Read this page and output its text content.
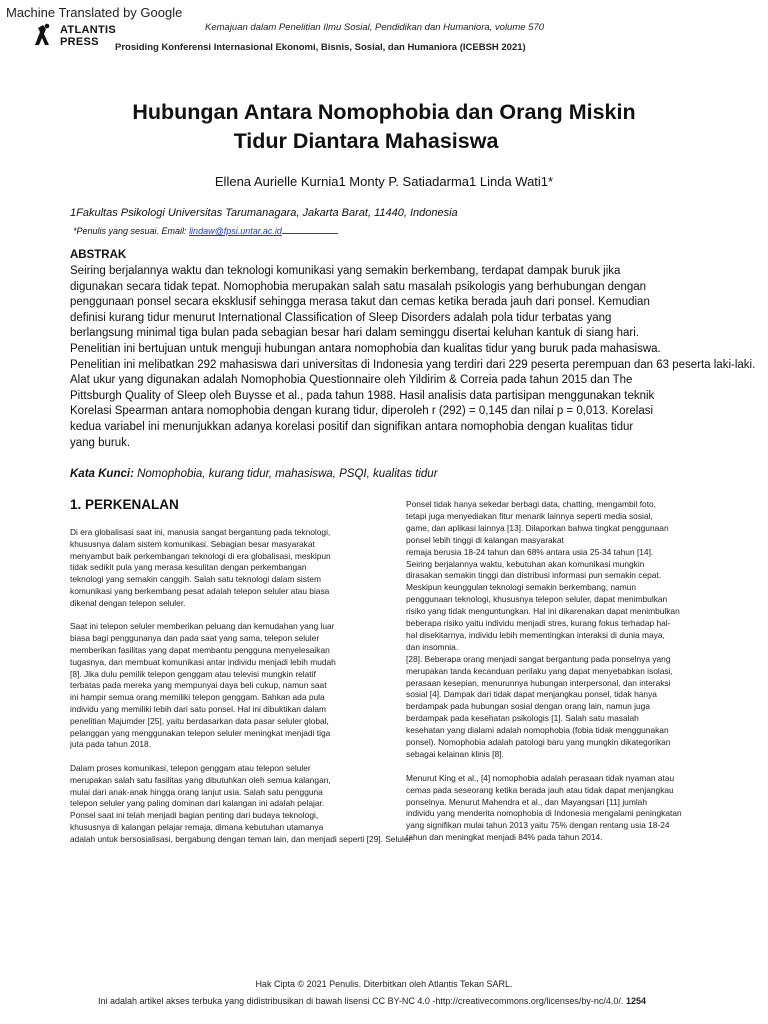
Machine Translated by Google
ATLANTIS
PRESS
Kemajuan dalam Penelitian Ilmu Sosial, Pendidikan dan Humaniora, volume 570
Prosiding Konferensi Internasional Ekonomi, Bisnis, Sosial, dan Humaniora (ICEBSH 2021)
Hubungan Antara Nomophobia dan Orang Miskin
Tidur Diantara Mahasiswa
Ellena Aurielle Kurnia1 Monty P. Satiadarma1 Linda Wati1*
1Fakultas Psikologi Universitas Tarumanagara, Jakarta Barat, 11440, Indonesia
*Penulis yang sesuai. Email: lindaw@fpsi.untar.ac.id
ABSTRAK
Seiring berjalannya waktu dan teknologi komunikasi yang semakin berkembang, terdapat dampak buruk jika
digunakan secara tidak tepat. Nomophobia merupakan salah satu masalah psikologis yang berhubungan dengan
penggunaan ponsel secara eksklusif sehingga merasa takut dan cemas ketika berada jauh dari ponsel. Kemudian
definisi kurang tidur menurut International Classification of Sleep Disorders adalah pola tidur terbatas yang
berlangsung minimal tiga bulan pada sebagian besar hari dalam seminggu disertai keluhan kantuk di siang hari.
Penelitian ini bertujuan untuk menguji hubungan antara nomophobia dan kualitas tidur yang buruk pada mahasiswa.
Penelitian ini melibatkan 292 mahasiswa dari universitas di Indonesia yang terdiri dari 229 peserta perempuan dan 63 peserta laki-laki.
Alat ukur yang digunakan adalah Nomophobia Questionnaire oleh Yildirim & Correia pada tahun 2015 dan The
Pittsburgh Quality of Sleep oleh Buysse et al., pada tahun 1988. Hasil analisis data partisipan menggunakan teknik
Korelasi Spearman antara nomophobia dengan kurang tidur, diperoleh r (292) = 0,145 dan nilai p = 0,013. Korelasi
kedua variabel ini menunjukkan adanya korelasi positif dan signifikan antara nomophobia dengan kualitas tidur
yang buruk.
Kata Kunci: Nomophobia, kurang tidur, mahasiswa, PSQI, kualitas tidur
1. PERKENALAN
Di era globalisasi saat ini, manusia sangat bergantung pada teknologi,
khususnya dalam sistem komunikasi. Sebagian besar masyarakat
menyambut baik perkembangan teknologi di era globalisasi, meskipun
tidak sedikit pula yang merasa kesulitan dengan perkembangan
teknologi yang semakin canggih. Salah satu teknologi dalam sistem
komunikasi yang berkembang pesat adalah telepon seluler atau biasa
dikenal dengan telepon seluler.
Saat ini telepon seluler memberikan peluang dan kemudahan yang luar
biasa bagi penggunanya dan pada saat yang sama, telepon seluler
memberikan fasilitas yang dapat membantu pengguna menyelesaikan
tugasnya, dan membuat komunikasi antar individu menjadi lebih mudah
[8]. Jika dulu pemilik telepon genggam atau televisi mungkin relatif
terbatas pada mereka yang mempunyai daya beli cukup, namun saat
ini hampir semua orang memiliki telepon genggam. Bahkan ada pula
individu yang memiliki lebih dari satu ponsel. Hal ini dibuktikan dalam
penelitian Majumder [25], yaitu berdasarkan data pasar seluler global,
pelanggan yang menggunakan telepon seluler meningkat menjadi tiga
juta pada tahun 2018.
Dalam proses komunikasi, telepon genggam atau telepon seluler
merupakan salah satu fasilitas yang dibutuhkan oleh semua kalangan,
mulai dari anak-anak hingga orang lanjut usia. Salah satu pengguna
telepon seluler yang paling dominan dari kalangan ini adalah pelajar.
Ponsel saat ini telah menjadi bagian penting dari budaya teknologi,
khususnya di kalangan pelajar remaja, dimana kebutuhan utamanya
adalah untuk bersosialisasi, bergabung dengan teman lain, dan menjadi seperti [29]. Seluler
Ponsel tidak hanya sekedar berbagi data, chatting, mengambil foto,
tetapi juga menyediakan fitur menarik lainnya seperti media sosial,
game, dan aplikasi lainnya [13]. Dilaporkan bahwa tingkat penggunaan
ponsel lebih tinggi di kalangan masyarakat
remaja berusia 18-24 tahun dan 68% antara usia 25-34 tahun [14].
Seiring berjalannya waktu, kebutuhan akan komunikasi mungkin
dirasakan semakin tinggi dan distribusi informasi pun semakin cepat.
Meskipun keunggulan teknologi semakin berkembang, namun
penggunaan teknologi, khususnya telepon seluler, dapat menimbulkan
risiko yang tidak menguntungkan. Hal ini dikarenakan dapat menimbulkan
beberapa risiko yaitu individu menjadi stres, kurang fokus terhadap hal-
hal disekitarnya, individu lebih mementingkan interaksi di dunia maya,
dan insomnia.
[28]. Beberapa orang menjadi sangat bergantung pada ponselnya yang
merupakan tanda kecanduan perilaku yang dapat menyebabkan isolasi,
perasaan kesepian, menurunnya hubungan interpersonal, dan interaksi
sosial [4]. Dampak dari tidak dapat menjangkau ponsel, tidak hanya
berdampak pada hubungan sosial dengan orang lain, namun juga
berdampak pada kesehatan psikologis [1]. Salah satu masalah
kesehatan yang dialami adalah nomophobia (fobia tidak menggunakan
ponsel). Nomophobia adalah patologi baru yang mungkin dikategorikan
sebagai kelainan klinis [8].
Menurut King et al., [4] nomophobia adalah perasaan tidak nyaman atau
cemas pada seseorang ketika berada jauh atau tidak dapat menjangkau
ponselnya. Menurut Mahendra et al., dan Mayangsari [11] jumlah
individu yang menderita nomophobia di Indonesia mengalami peningkatan
yang signifikan mulai tahun 2013 yaitu 75% dengan rentang usia 18-24
tahun dan meningkat menjadi 84% pada tahun 2014.
Hak Cipta © 2021 Penulis. Diterbitkan oleh Atlantis Tekan SARL.
Ini adalah artikel akses terbuka yang didistribusikan di bawah lisensi CC BY-NC 4.0 -http://creativecommons.org/licenses/by-nc/4.0/. 1254
